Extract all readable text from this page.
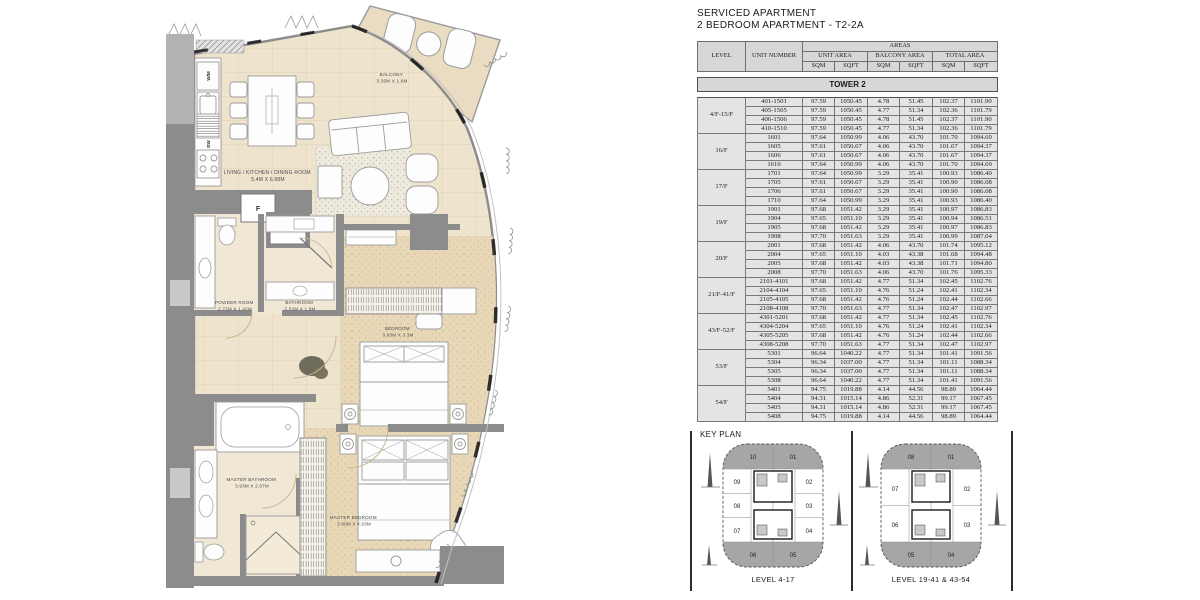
W/M
DW
F
BALCONY 3.35M X 1.6M
LIVING / KITCHEN / DINING ROOM 5.4M X 6.88M
POWDER ROOM 2.72M X 1.42M
BATHROOM 2.52M X 1.0M
BEDROOM 3.83M X 3.3M
MASTER BATHROOM 3.93M X 2.67M
MASTER BEDROOM 3.90M X 4.63M
SERVICED APARTMENT
2 BEDROOM APARTMENT - T2-2A
LEVEL	UNIT NUMBER	AREAS					
		UNIT AREA		BALCONY AREA		TOTAL AREA	
		SQM	SQFT	SQM	SQFT	SQM	SQFT
TOWER 2
4/F-15/F	401-1501	97.59	1050.45	4.78	51.45	102.37	1101.90
	405-1505	97.59	1050.45	4.77	51.34	102.36	1101.79
	406-1506	97.59	1050.45	4.78	51.45	102.37	1101.90
	410-1510	97.59	1050.45	4.77	51.34	102.36	1101.79
16/F	1601	97.64	1050.99	4.06	43.70	101.70	1094.69
	1605	97.61	1050.67	4.06	43.70	101.67	1094.37
	1606	97.61	1050.67	4.06	43.70	101.67	1094.37
	1610	97.64	1050.99	4.06	43.70	101.70	1094.69
17/F	1701	97.64	1050.99	3.29	35.41	100.93	1086.40
	1705	97.61	1050.67	3.29	35.41	100.90	1086.08
	1706	97.61	1050.67	3.29	35.41	100.90	1086.08
	1710	97.64	1050.99	3.29	35.41	100.93	1086.40
19/F	1901	97.68	1051.42	3.29	35.41	100.97	1086.83
	1904	97.65	1051.10	3.29	35.41	100.94	1086.51
	1905	97.68	1051.42	3.29	35.41	100.97	1086.83
	1908	97.70	1051.63	3.29	35.41	100.99	1087.04
20/F	2001	97.68	1051.42	4.06	43.70	101.74	1095.12
	2004	97.65	1051.10	4.03	43.38	101.68	1094.48
	2005	97.68	1051.42	4.03	43.38	101.71	1094.80
	2008	97.70	1051.63	4.06	43.70	101.76	1095.33
21/F-41/F	2101-4101	97.68	1051.42	4.77	51.34	102.45	1102.76
	2104-4104	97.65	1051.10	4.76	51.24	102.41	1102.34
	2105-4105	97.68	1051.42	4.76	51.24	102.44	1102.66
	2108-4108	97.70	1051.63	4.77	51.34	102.47	1102.97
43/F-52/F	4301-5201	97.68	1051.42	4.77	51.34	102.45	1102.76
	4304-5204	97.65	1051.10	4.76	51.24	102.41	1102.34
	4305-5205	97.68	1051.42	4.76	51.24	102.44	1102.66
	4308-5208	97.70	1051.63	4.77	51.34	102.47	1102.97
53/F	5301	96.64	1040.22	4.77	51.34	101.41	1091.56
	5304	96.34	1037.00	4.77	51.34	101.11	1088.34
	5305	96.34	1037.00	4.77	51.34	101.11	1088.34
	5308	96.64	1040.22	4.77	51.34	101.41	1091.56
54/F	5401	94.75	1019.88	4.14	44.56	98.89	1064.44
	5404	94.31	1015.14	4.86	52.31	99.17	1067.45
	5405	94.31	1015.14	4.86	52.31	99.17	1067.45
	5408	94.75	1019.88	4.14	44.56	98.89	1064.44
KEY PLAN
10	01
09
08
07
02
03
04
06	05
LEVEL 4-17
08	01
07
06
02
03
05	04
LEVEL 19-41 & 43-54
